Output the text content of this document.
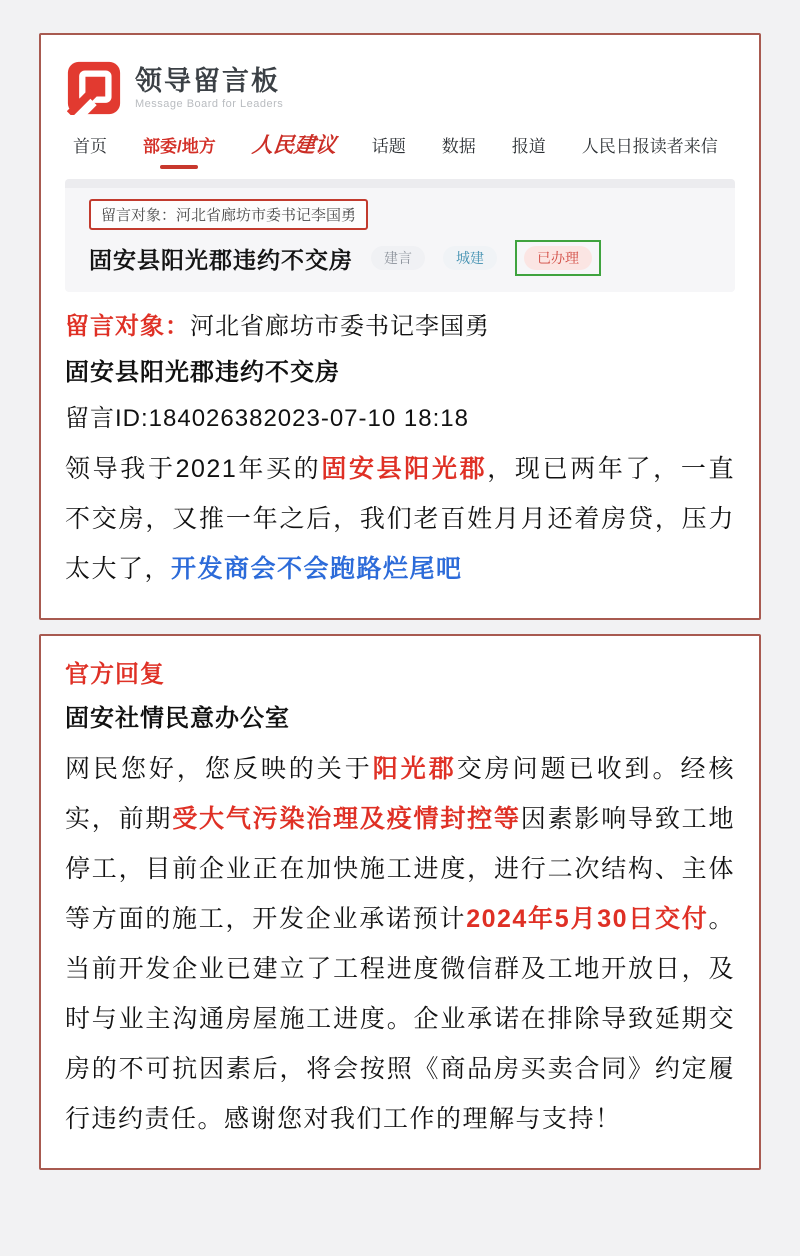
领导留言板
Message Board for Leaders
首页 部委/地方 人民建议 话题 数据 报道 人民日报读者来信
留言对象：河北省廊坊市委书记李国勇
固安县阳光郡违约不交房	建言	城建	已办理
留言对象：河北省廊坊市委书记李国勇
固安县阳光郡违约不交房
留言ID:184026382023-07-10 18:18

领导我于2021年买的固安县阳光郡，现已两年了，一直不交房，又推一年之后，我们老百姓月月还着房贷，压力太大了，开发商会不会跑路烂尾吧

官方回复
固安社情民意办公室

网民您好，您反映的关于阳光郡交房问题已收到。经核实，前期受大气污染治理及疫情封控等因素影响导致工地停工，目前企业正在加快施工进度，进行二次结构、主体等方面的施工，开发企业承诺预计2024年5月30日交付。当前开发企业已建立了工程进度微信群及工地开放日，及时与业主沟通房屋施工进度。企业承诺在排除导致延期交房的不可抗因素后，将会按照《商品房买卖合同》约定履行违约责任。感谢您对我们工作的理解与支持！
